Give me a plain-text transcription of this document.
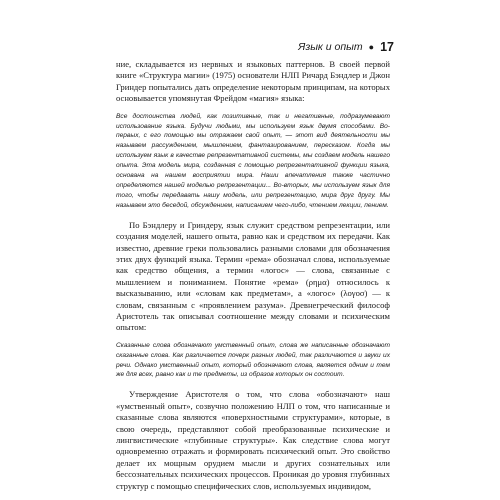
Язык и опыт ● 17

ние, складывается из нервных и языковых паттернов. В своей первой книге «Структура магии» (1975) основатели НЛП Ричард Бэндлер и Джон Гриндер попытались дать определение некоторым принципам, на которых основывается упомянутая Фрейдом «магия» языка:

Все достоинства людей, как позитивные, так и негативные, подразумевают использование языка. Будучи людьми, мы используем язык двумя способами. Во-первых, с его помощью мы отражаем свой опыт, — этот вид деятельности мы называем рассуждением, мышлением, фантазированием, пересказом. Когда мы используем язык в качестве репрезентативной системы, мы создаем модель нашего опыта. Эта модель мира, созданная с помощью репрезентативной функции языка, основана на нашем восприятии мира. Наши впечатления также частично определяются нашей моделью репрезентации... Во-вторых, мы используем язык для того, чтобы передавать нашу модель, или репрезентацию, мира друг другу. Мы называем это беседой, обсуждением, написанием чего-либо, чтением лекции, пением.

По Бэндлеру и Гриндеру, язык служит средством репрезентации, или создания моделей, нашего опыта, равно как и средством их передачи. Как известно, древние греки пользовались разными словами для обозначения этих двух функций языка. Термин «рема» обозначал слова, используемые как средство общения, а термин «логос» — слова, связанные с мышлением и пониманием. Понятие «рема» (ρημα) относилось к высказыванию, или «словам как предметам», а «логос» (λογοσ) — к словам, связанным с «проявлением разума». Древнегреческий философ Аристотель так описывал соотношение между словами и психическим опытом:

Сказанные слова обозначают умственный опыт, слова же написанные обозначают сказанные слова. Как различается почерк разных людей, так различаются и звуки их речи. Однако умственный опыт, который обозначают слова, является одним и тем же для всех, равно как и те предметы, из образов которых он состоит.

Утверждение Аристотеля о том, что слова «обозначают» наш «умственный опыт», созвучно положению НЛП о том, что написанные и сказанные слова являются «поверхностными структурами», которые, в свою очередь, представляют собой преобразованные психические и лингвистические «глубинные структуры». Как следствие слова могут одновременно отражать и формировать психический опыт. Это свойство делает их мощным орудием мысли и других сознательных или бессознательных психических процессов. Проникая до уровня глубинных структур с помощью специфических слов, используемых индивидом,
